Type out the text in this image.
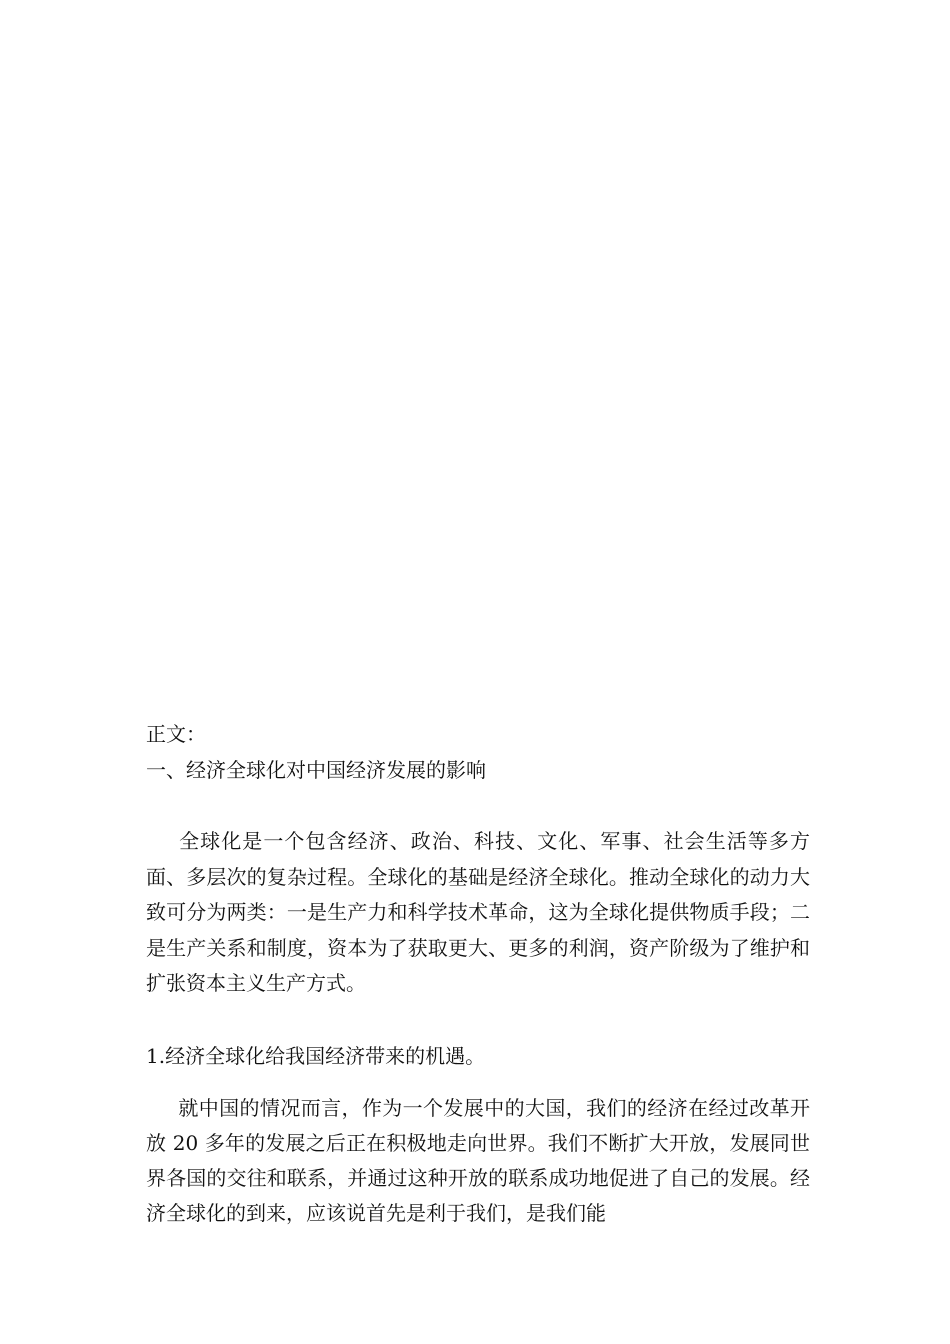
正文：
一、经济全球化对中国经济发展的影响

全球化是一个包含经济、政治、科技、文化、军事、社会生活等多方面、多层次的复杂过程。全球化的基础是经济全球化。推动全球化的动力大致可分为两类：一是生产力和科学技术革命，这为全球化提供物质手段；二是生产关系和制度，资本为了获取更大、更多的利润，资产阶级为了维护和扩张资本主义生产方式。

1.经济全球化给我国经济带来的机遇。

就中国的情况而言，作为一个发展中的大国，我们的经济在经过改革开放 20 多年的发展之后正在积极地走向世界。我们不断扩大开放，发展同世界各国的交往和联系，并通过这种开放的联系成功地促进了自己的发展。经济全球化的到来，应该说首先是利于我们，是我们能
